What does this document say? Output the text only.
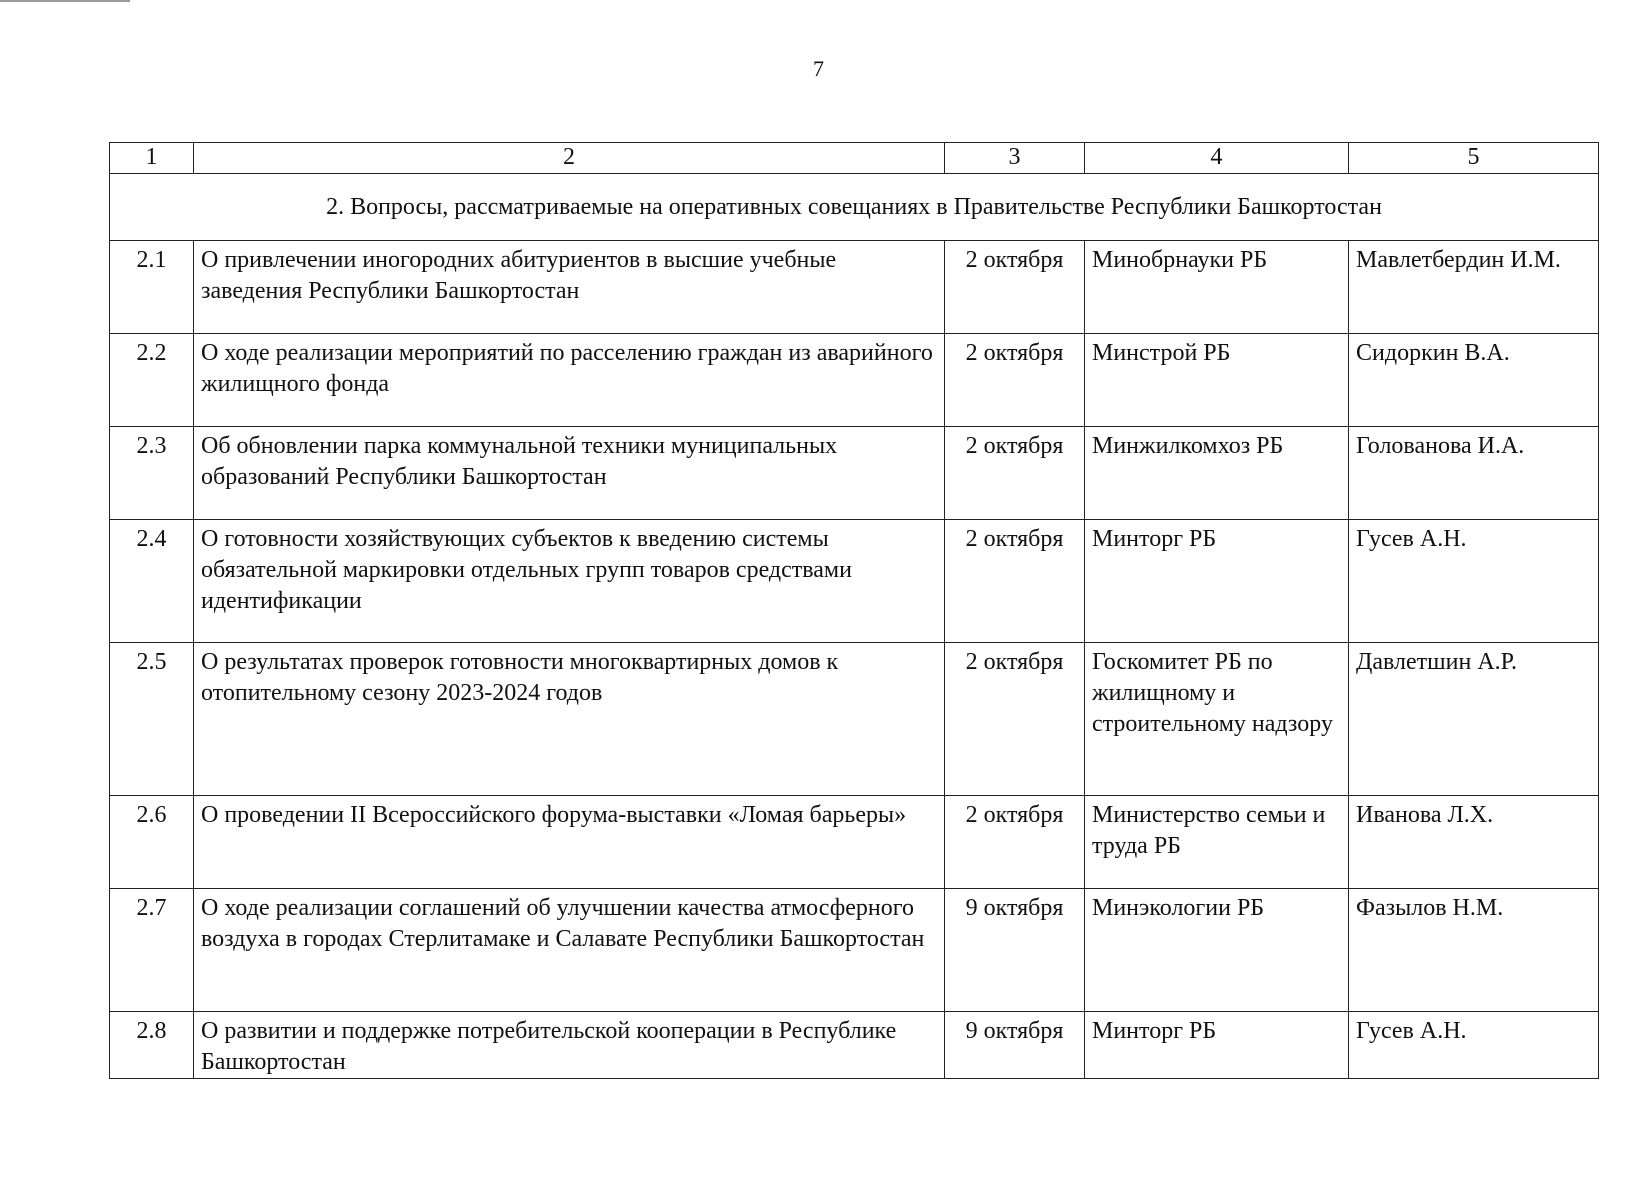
7
1	2	3	4	5
2. Вопросы, рассматриваемые на оперативных совещаниях в Правительстве Республики Башкортостан				
2.1	О привлечении иногородних абитуриентов в высшие учебные заведения Республики Башкортостан	2 октября	Минобрнауки РБ	Мавлетбердин И.М.
2.2	О ходе реализации мероприятий по расселению граждан из аварийного жилищного фонда	2 октября	Минстрой РБ	Сидоркин В.А.
2.3	Об обновлении парка коммунальной техники муниципальных образований Республики Башкортостан	2 октября	Минжилкомхоз РБ	Голованова И.А.
2.4	О готовности хозяйствующих субъектов к введению системы обязательной маркировки отдельных групп товаров средствами идентификации	2 октября	Минторг РБ	Гусев А.Н.
2.5	О результатах проверок готовности многоквартирных домов к отопительному сезону 2023-2024 годов	2 октября	Госкомитет РБ по жилищному и строительному надзору	Давлетшин А.Р.
2.6	О проведении II Всероссийского форума-выставки «Ломая барьеры»	2 октября	Министерство семьи и труда РБ	Иванова Л.Х.
2.7	О ходе реализации соглашений об улучшении качества атмосферного воздуха в городах Стерлитамаке и Салавате Республики Башкортостан	9 октября	Минэкологии РБ	Фазылов Н.М.
2.8	О развитии и поддержке потребительской кооперации в Республике Башкортостан	9 октября	Минторг РБ	Гусев А.Н.
